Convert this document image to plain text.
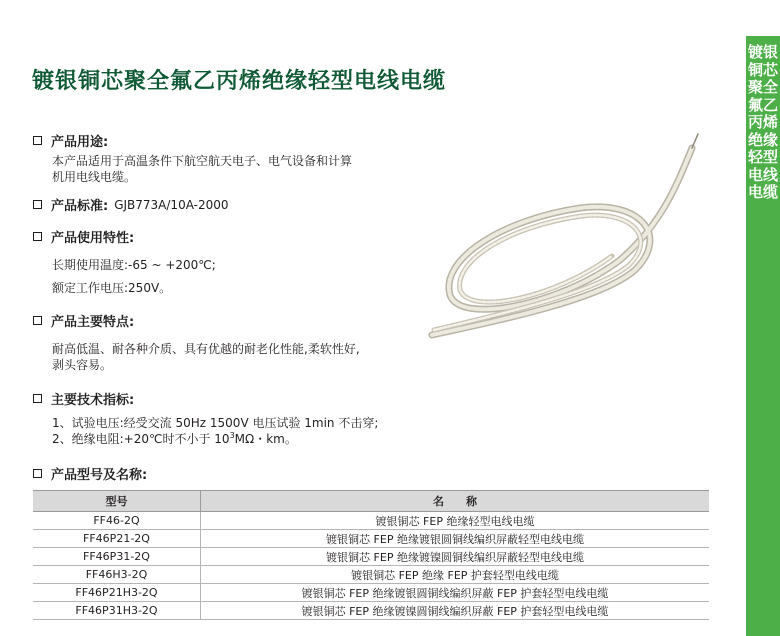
镀银铜芯聚全氟乙丙烯绝缘轻型电线电缆
镀银铜芯聚全氟乙丙烯绝缘轻型电线电缆
产品用途:
本产品适用于高温条件下航空航天电子、电气设备和计算
机用电线电缆。
产品标准: GJB773A/10A-2000
产品使用特性:
长期使用温度:-65 ~ +200℃;
额定工作电压:250V。
产品主要特点:
耐高低温、耐各种介质、具有优越的耐老化性能,柔软性好,
剥头容易。
主要技术指标:
1、试验电压:经受交流 50Hz 1500V 电压试验 1min 不击穿;
2、绝缘电阻:+20℃时不小于 $10^3M\Omega$・km。
产品型号及名称:
型号	名　　称
FF46-2Q	镀银铜芯 FEP 绝缘轻型电线电缆
FF46P21-2Q	镀银铜芯 FEP 绝缘镀银圆铜线编织屏蔽轻型电线电缆
FF46P31-2Q	镀银铜芯 FEP 绝缘镀镍圆铜线编织屏蔽轻型电线电缆
FF46H3-2Q	镀银铜芯 FEP 绝缘 FEP 护套轻型电线电缆
FF46P21H3-2Q	镀银铜芯 FEP 绝缘镀银圆铜线编织屏蔽 FEP 护套轻型电线电缆
FF46P31H3-2Q	镀银铜芯 FEP 绝缘镀镍圆铜线编织屏蔽 FEP 护套轻型电线电缆
